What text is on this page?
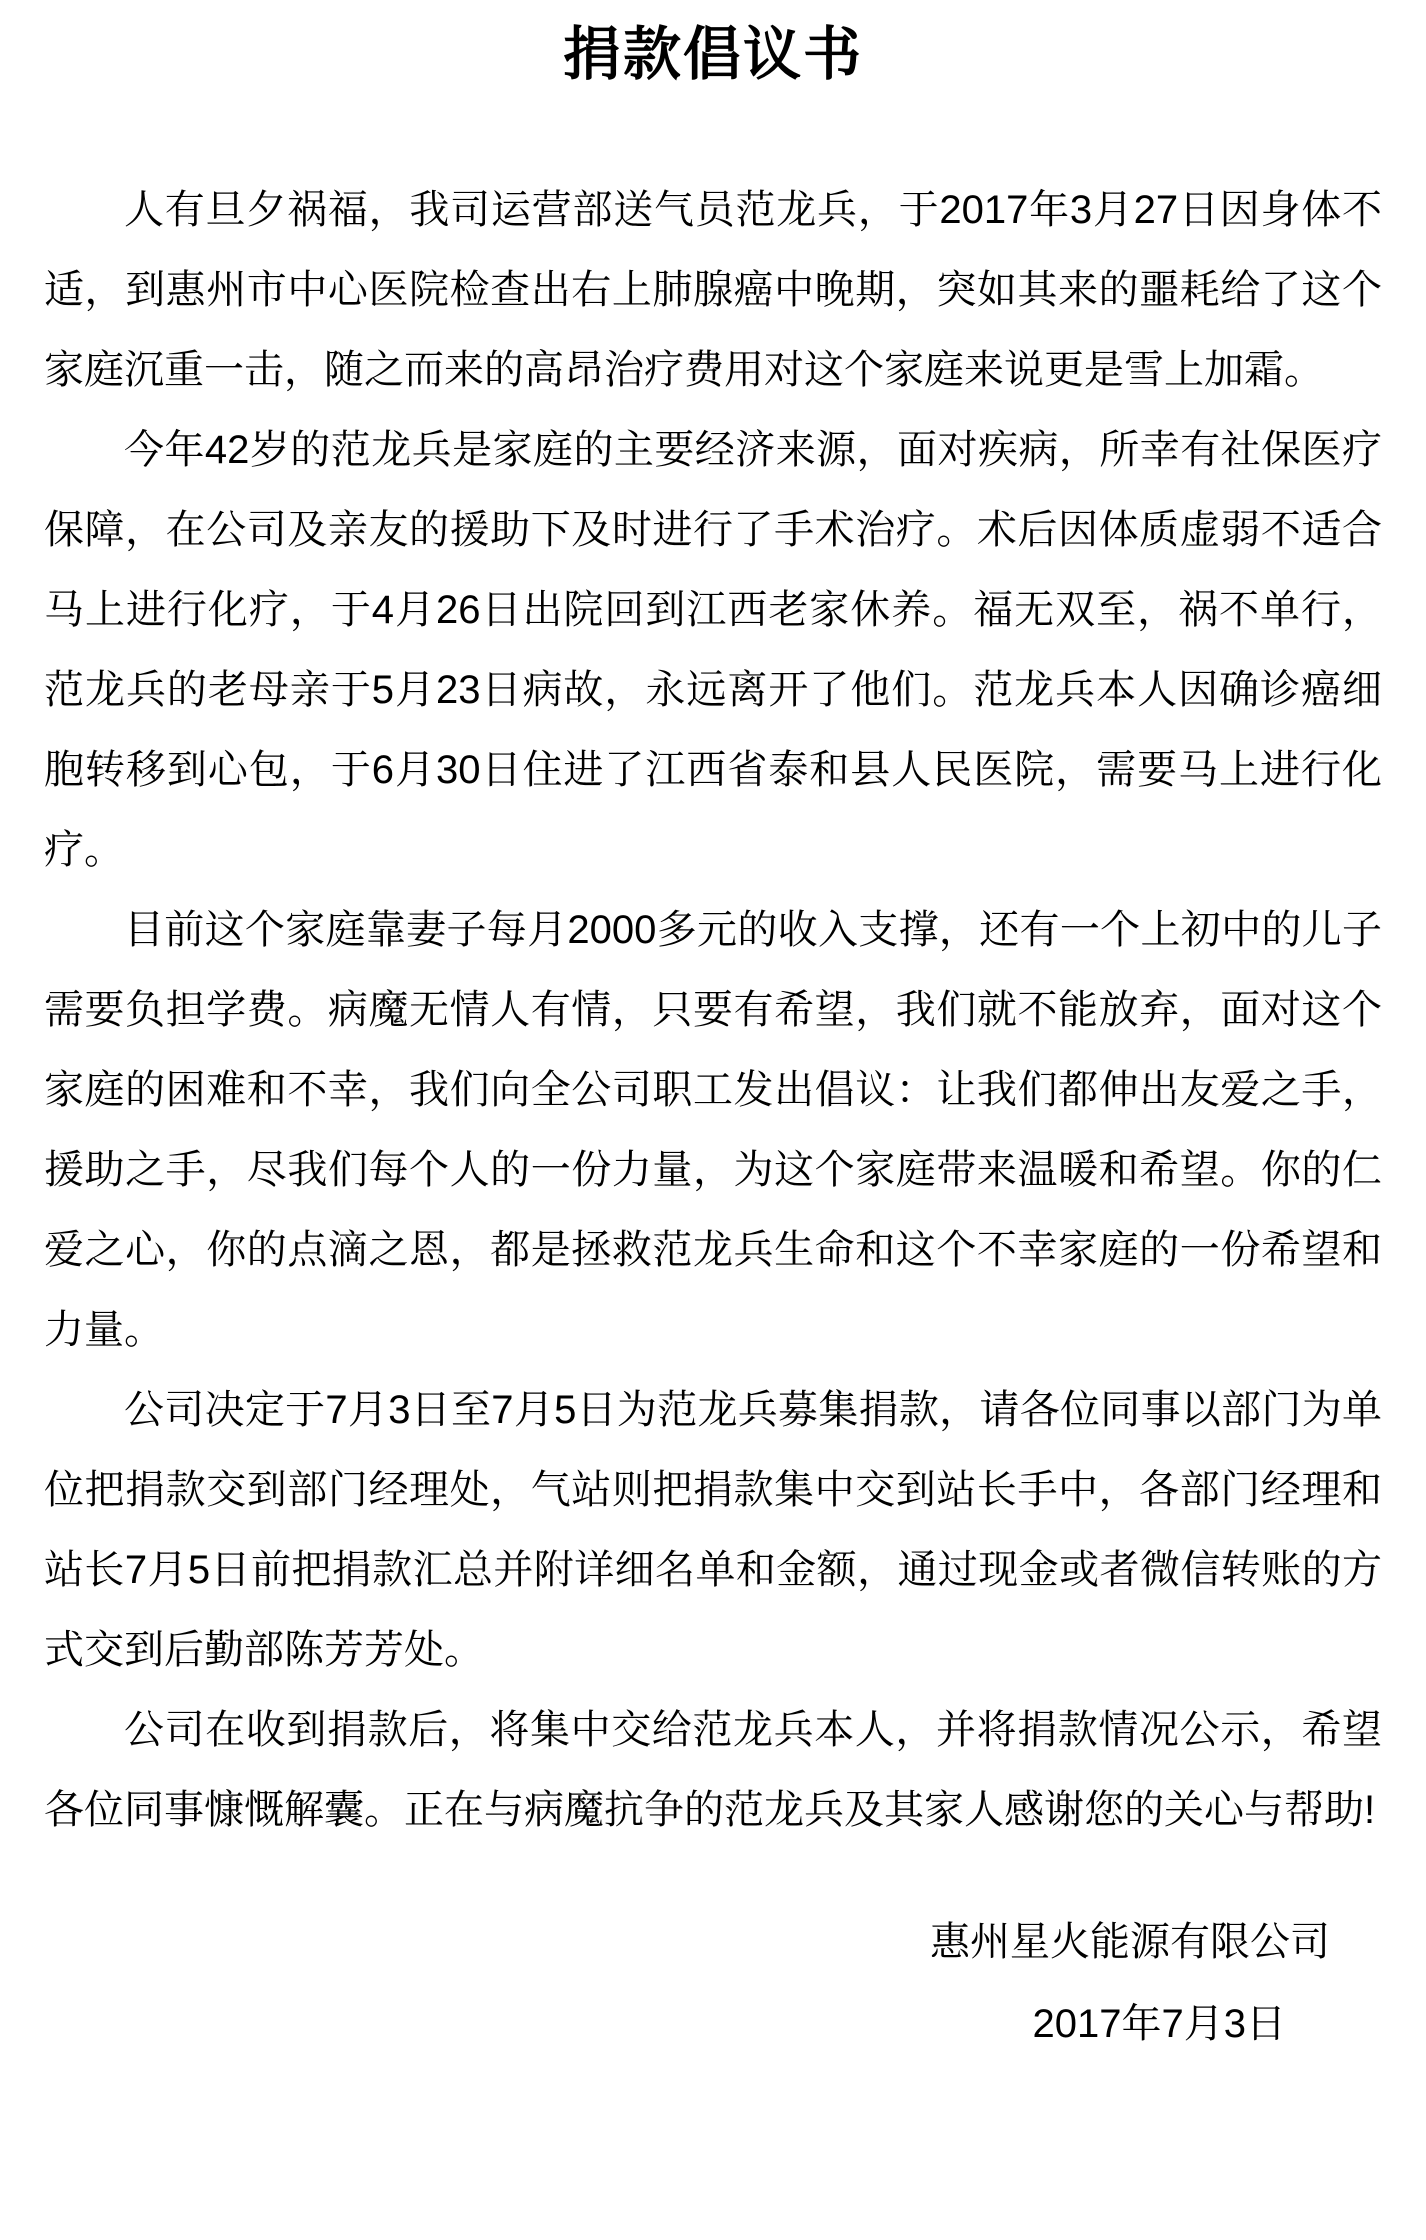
捐款倡议书

人有旦夕祸福，我司运营部送气员范龙兵，于2017年3月27日因身体不适，到惠州市中心医院检查出右上肺腺癌中晚期，突如其来的噩耗给了这个家庭沉重一击，随之而来的高昂治疗费用对这个家庭来说更是雪上加霜。

今年42岁的范龙兵是家庭的主要经济来源，面对疾病，所幸有社保医疗保障，在公司及亲友的援助下及时进行了手术治疗。术后因体质虚弱不适合马上进行化疗，于4月26日出院回到江西老家休养。福无双至，祸不单行，范龙兵的老母亲于5月23日病故，永远离开了他们。范龙兵本人因确诊癌细胞转移到心包，于6月30日住进了江西省泰和县人民医院，需要马上进行化疗。

目前这个家庭靠妻子每月2000多元的收入支撑，还有一个上初中的儿子需要负担学费。病魔无情人有情，只要有希望，我们就不能放弃，面对这个家庭的困难和不幸，我们向全公司职工发出倡议：让我们都伸出友爱之手，援助之手，尽我们每个人的一份力量，为这个家庭带来温暖和希望。你的仁爱之心，你的点滴之恩，都是拯救范龙兵生命和这个不幸家庭的一份希望和力量。

公司决定于7月3日至7月5日为范龙兵募集捐款，请各位同事以部门为单位把捐款交到部门经理处，气站则把捐款集中交到站长手中，各部门经理和站长7月5日前把捐款汇总并附详细名单和金额，通过现金或者微信转账的方式交到后勤部陈芳芳处。

公司在收到捐款后，将集中交给范龙兵本人，并将捐款情况公示，希望各位同事慷慨解囊。正在与病魔抗争的范龙兵及其家人感谢您的关心与帮助!

惠州星火能源有限公司

2017年7月3日
